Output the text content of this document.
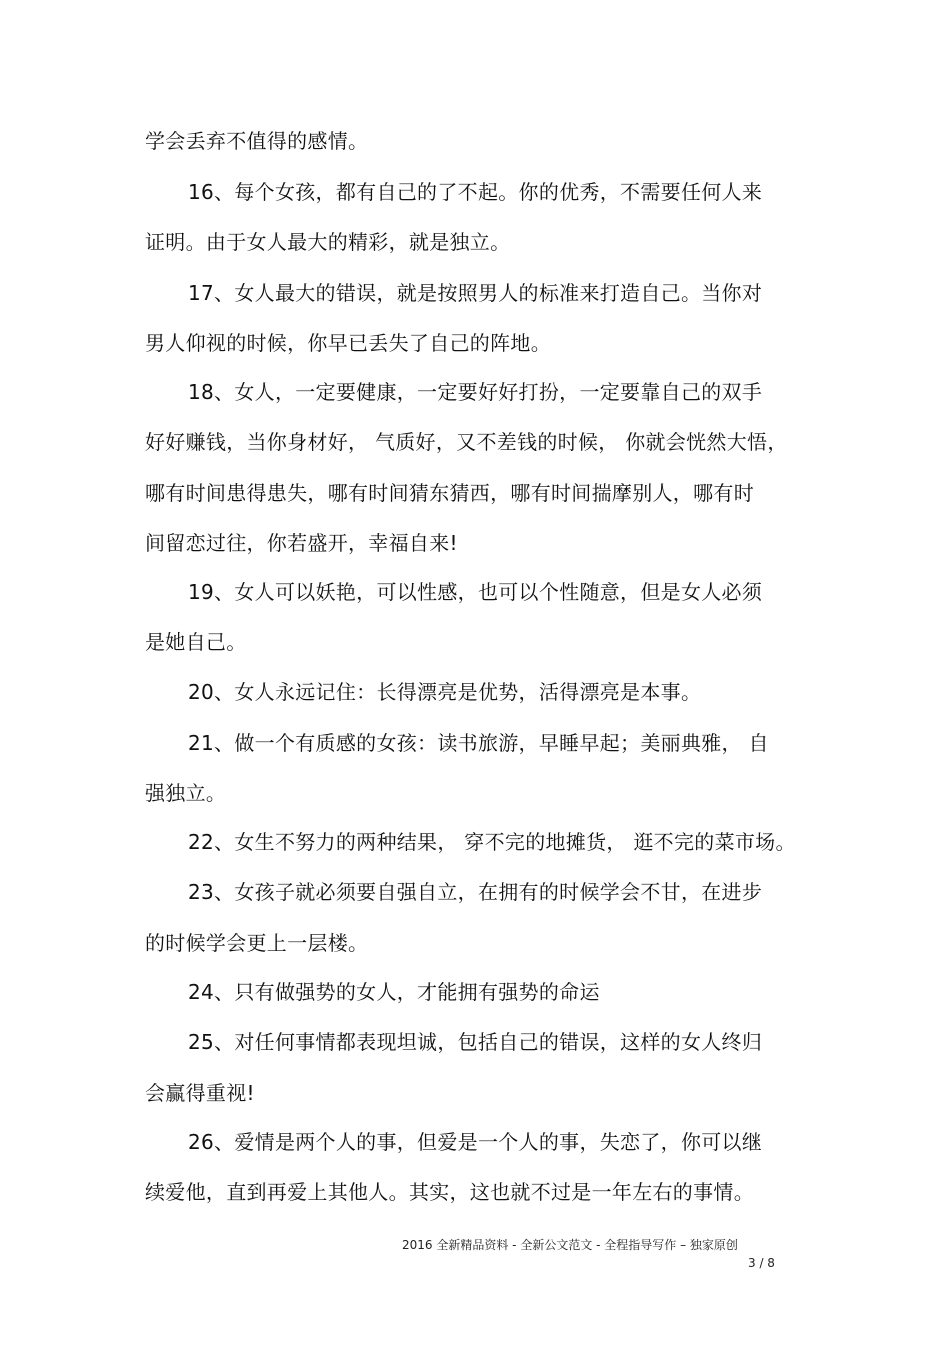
学会丢弃不值得的感情。
16、每个女孩，都有自己的了不起。你的优秀，不需要任何人来
证明。由于女人最大的精彩，就是独立。
17、女人最大的错误，就是按照男人的标准来打造自己。当你对
男人仰视的时候，你早已丢失了自己的阵地。
18、女人，一定要健康，一定要好好打扮，一定要靠自己的双手
好好赚钱，当你身材好， 气质好，又不差钱的时候， 你就会恍然大悟，
哪有时间患得患失，哪有时间猜东猜西，哪有时间揣摩别人，哪有时
间留恋过往，你若盛开，幸福自来!
19、女人可以妖艳，可以性感，也可以个性随意，但是女人必须
是她自己。
20、女人永远记住：长得漂亮是优势，活得漂亮是本事。
21、做一个有质感的女孩：读书旅游，早睡早起；美丽典雅， 自
强独立。
22、女生不努力的两种结果， 穿不完的地摊货， 逛不完的菜市场。
23、女孩子就必须要自强自立，在拥有的时候学会不甘，在进步
的时候学会更上一层楼。
24、只有做强势的女人，才能拥有强势的命运
25、对任何事情都表现坦诚，包括自己的错误，这样的女人终归
会赢得重视!
26、爱情是两个人的事，但爱是一个人的事，失恋了，你可以继
续爱他，直到再爱上其他人。其实，这也就不过是一年左右的事情。
2016 全新精品资料 - 全新公文范文 - 全程指导写作 – 独家原创
3 / 8
